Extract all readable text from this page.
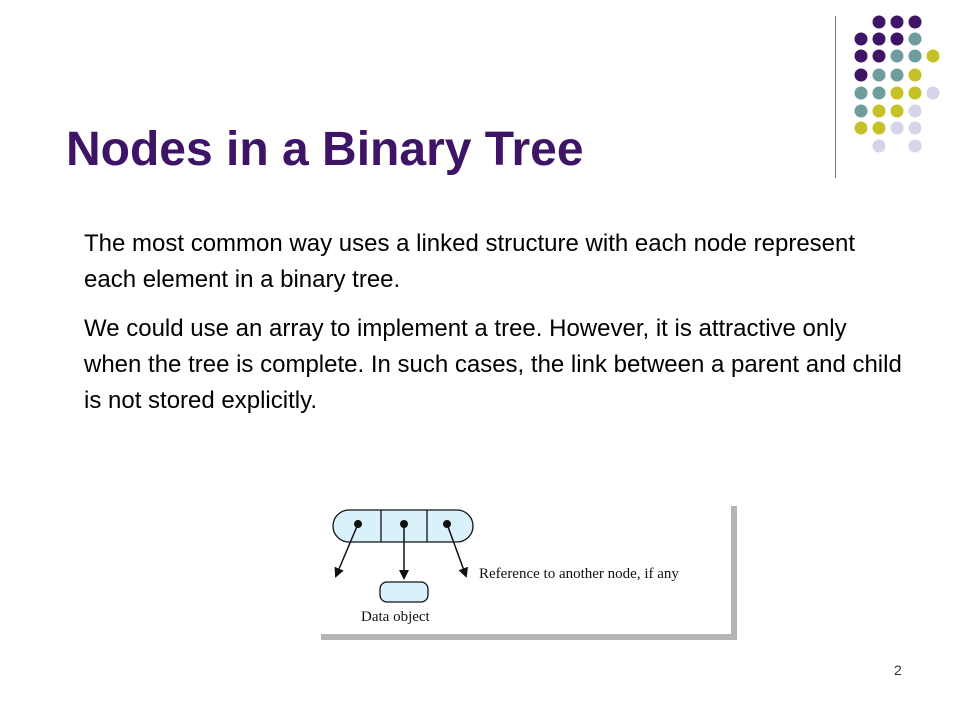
Nodes in a Binary Tree

The most common way uses a linked structure with each node represent each element in a binary tree.

We could use an array to implement a tree. However, it is attractive only when the tree is complete. In such cases, the link between a parent and child is not stored explicitly.

Reference to another node, if any
Data object
2
